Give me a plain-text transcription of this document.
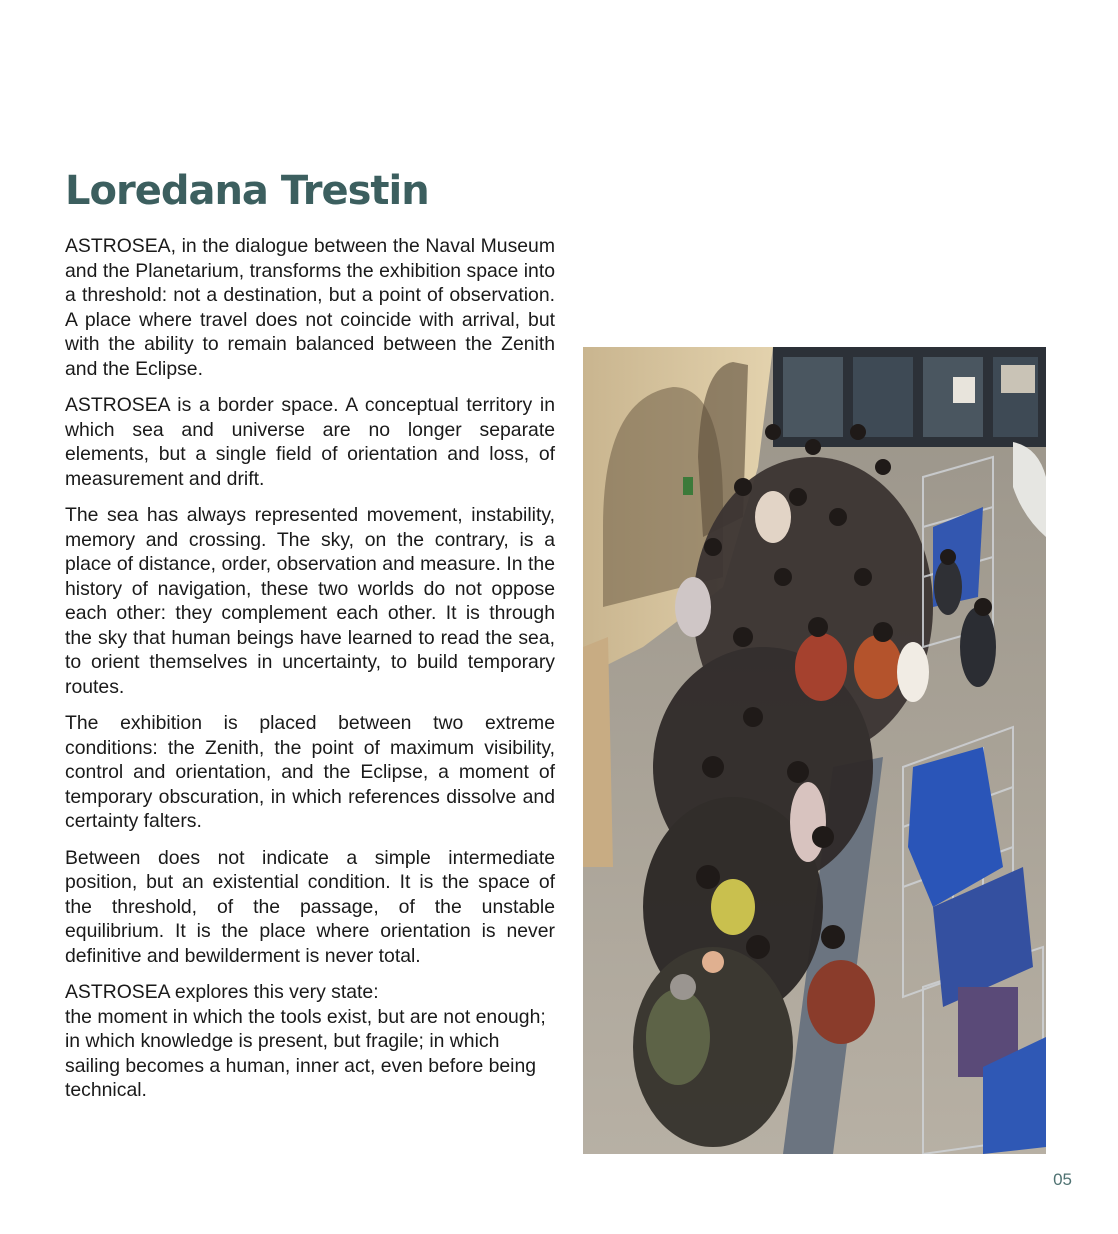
Loredana Trestin

ASTROSEA, in the dialogue between the Naval Museum and the Planetarium, transforms the exhibition space into a threshold: not a destination, but a point of observation. A place where travel does not coincide with arrival, but with the ability to remain balanced between the Zenith and the Eclipse.

ASTROSEA is a border space. A conceptual territory in which sea and universe are no longer separate elements, but a single field of orientation and loss, of measurement and drift.

The sea has always represented movement, instability, memory and crossing. The sky, on the contrary, is a place of distance, order, observation and measure. In the history of navigation, these two worlds do not oppose each other: they complement each other. It is through the sky that human beings have learned to read the sea, to orient themselves in uncertainty, to build temporary routes.

The exhibition is placed between two extreme conditions: the Zenith, the point of maximum visibility, control and orientation, and the Eclipse, a moment of temporary obscuration, in which references dissolve and certainty falters.

Between does not indicate a simple intermediate position, but an existential condition. It is the space of the threshold, of the passage, of the unstable equilibrium. It is the place where orientation is never definitive and bewilderment is never total.

ASTROSEA explores this very state:
the moment in which the tools exist, but are not enough; in which knowledge is present, but fragile; in which sailing becomes a human, inner act, even before being technical.

05
